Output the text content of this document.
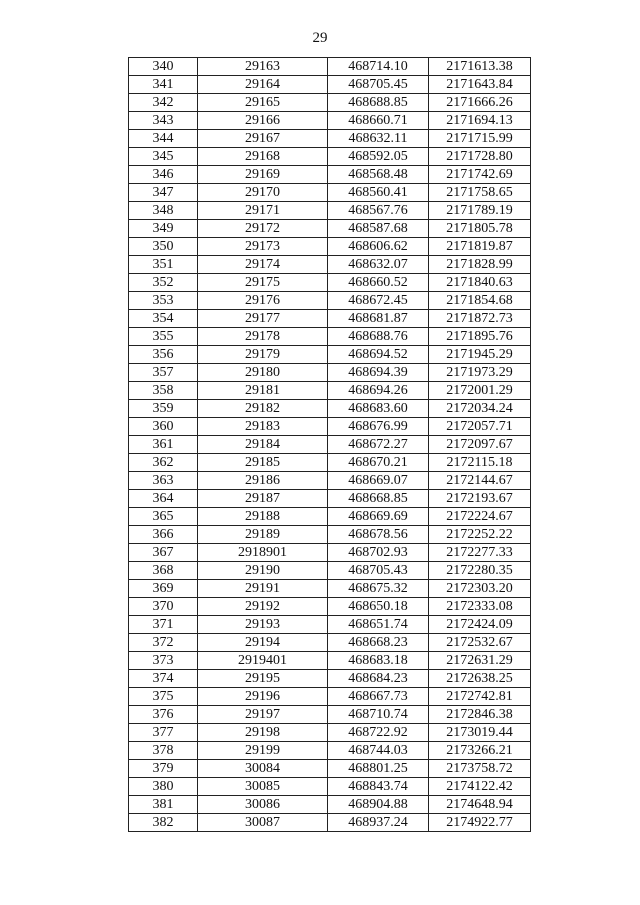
29
340	29163	468714.10	2171613.38
341	29164	468705.45	2171643.84
342	29165	468688.85	2171666.26
343	29166	468660.71	2171694.13
344	29167	468632.11	2171715.99
345	29168	468592.05	2171728.80
346	29169	468568.48	2171742.69
347	29170	468560.41	2171758.65
348	29171	468567.76	2171789.19
349	29172	468587.68	2171805.78
350	29173	468606.62	2171819.87
351	29174	468632.07	2171828.99
352	29175	468660.52	2171840.63
353	29176	468672.45	2171854.68
354	29177	468681.87	2171872.73
355	29178	468688.76	2171895.76
356	29179	468694.52	2171945.29
357	29180	468694.39	2171973.29
358	29181	468694.26	2172001.29
359	29182	468683.60	2172034.24
360	29183	468676.99	2172057.71
361	29184	468672.27	2172097.67
362	29185	468670.21	2172115.18
363	29186	468669.07	2172144.67
364	29187	468668.85	2172193.67
365	29188	468669.69	2172224.67
366	29189	468678.56	2172252.22
367	2918901	468702.93	2172277.33
368	29190	468705.43	2172280.35
369	29191	468675.32	2172303.20
370	29192	468650.18	2172333.08
371	29193	468651.74	2172424.09
372	29194	468668.23	2172532.67
373	2919401	468683.18	2172631.29
374	29195	468684.23	2172638.25
375	29196	468667.73	2172742.81
376	29197	468710.74	2172846.38
377	29198	468722.92	2173019.44
378	29199	468744.03	2173266.21
379	30084	468801.25	2173758.72
380	30085	468843.74	2174122.42
381	30086	468904.88	2174648.94
382	30087	468937.24	2174922.77
